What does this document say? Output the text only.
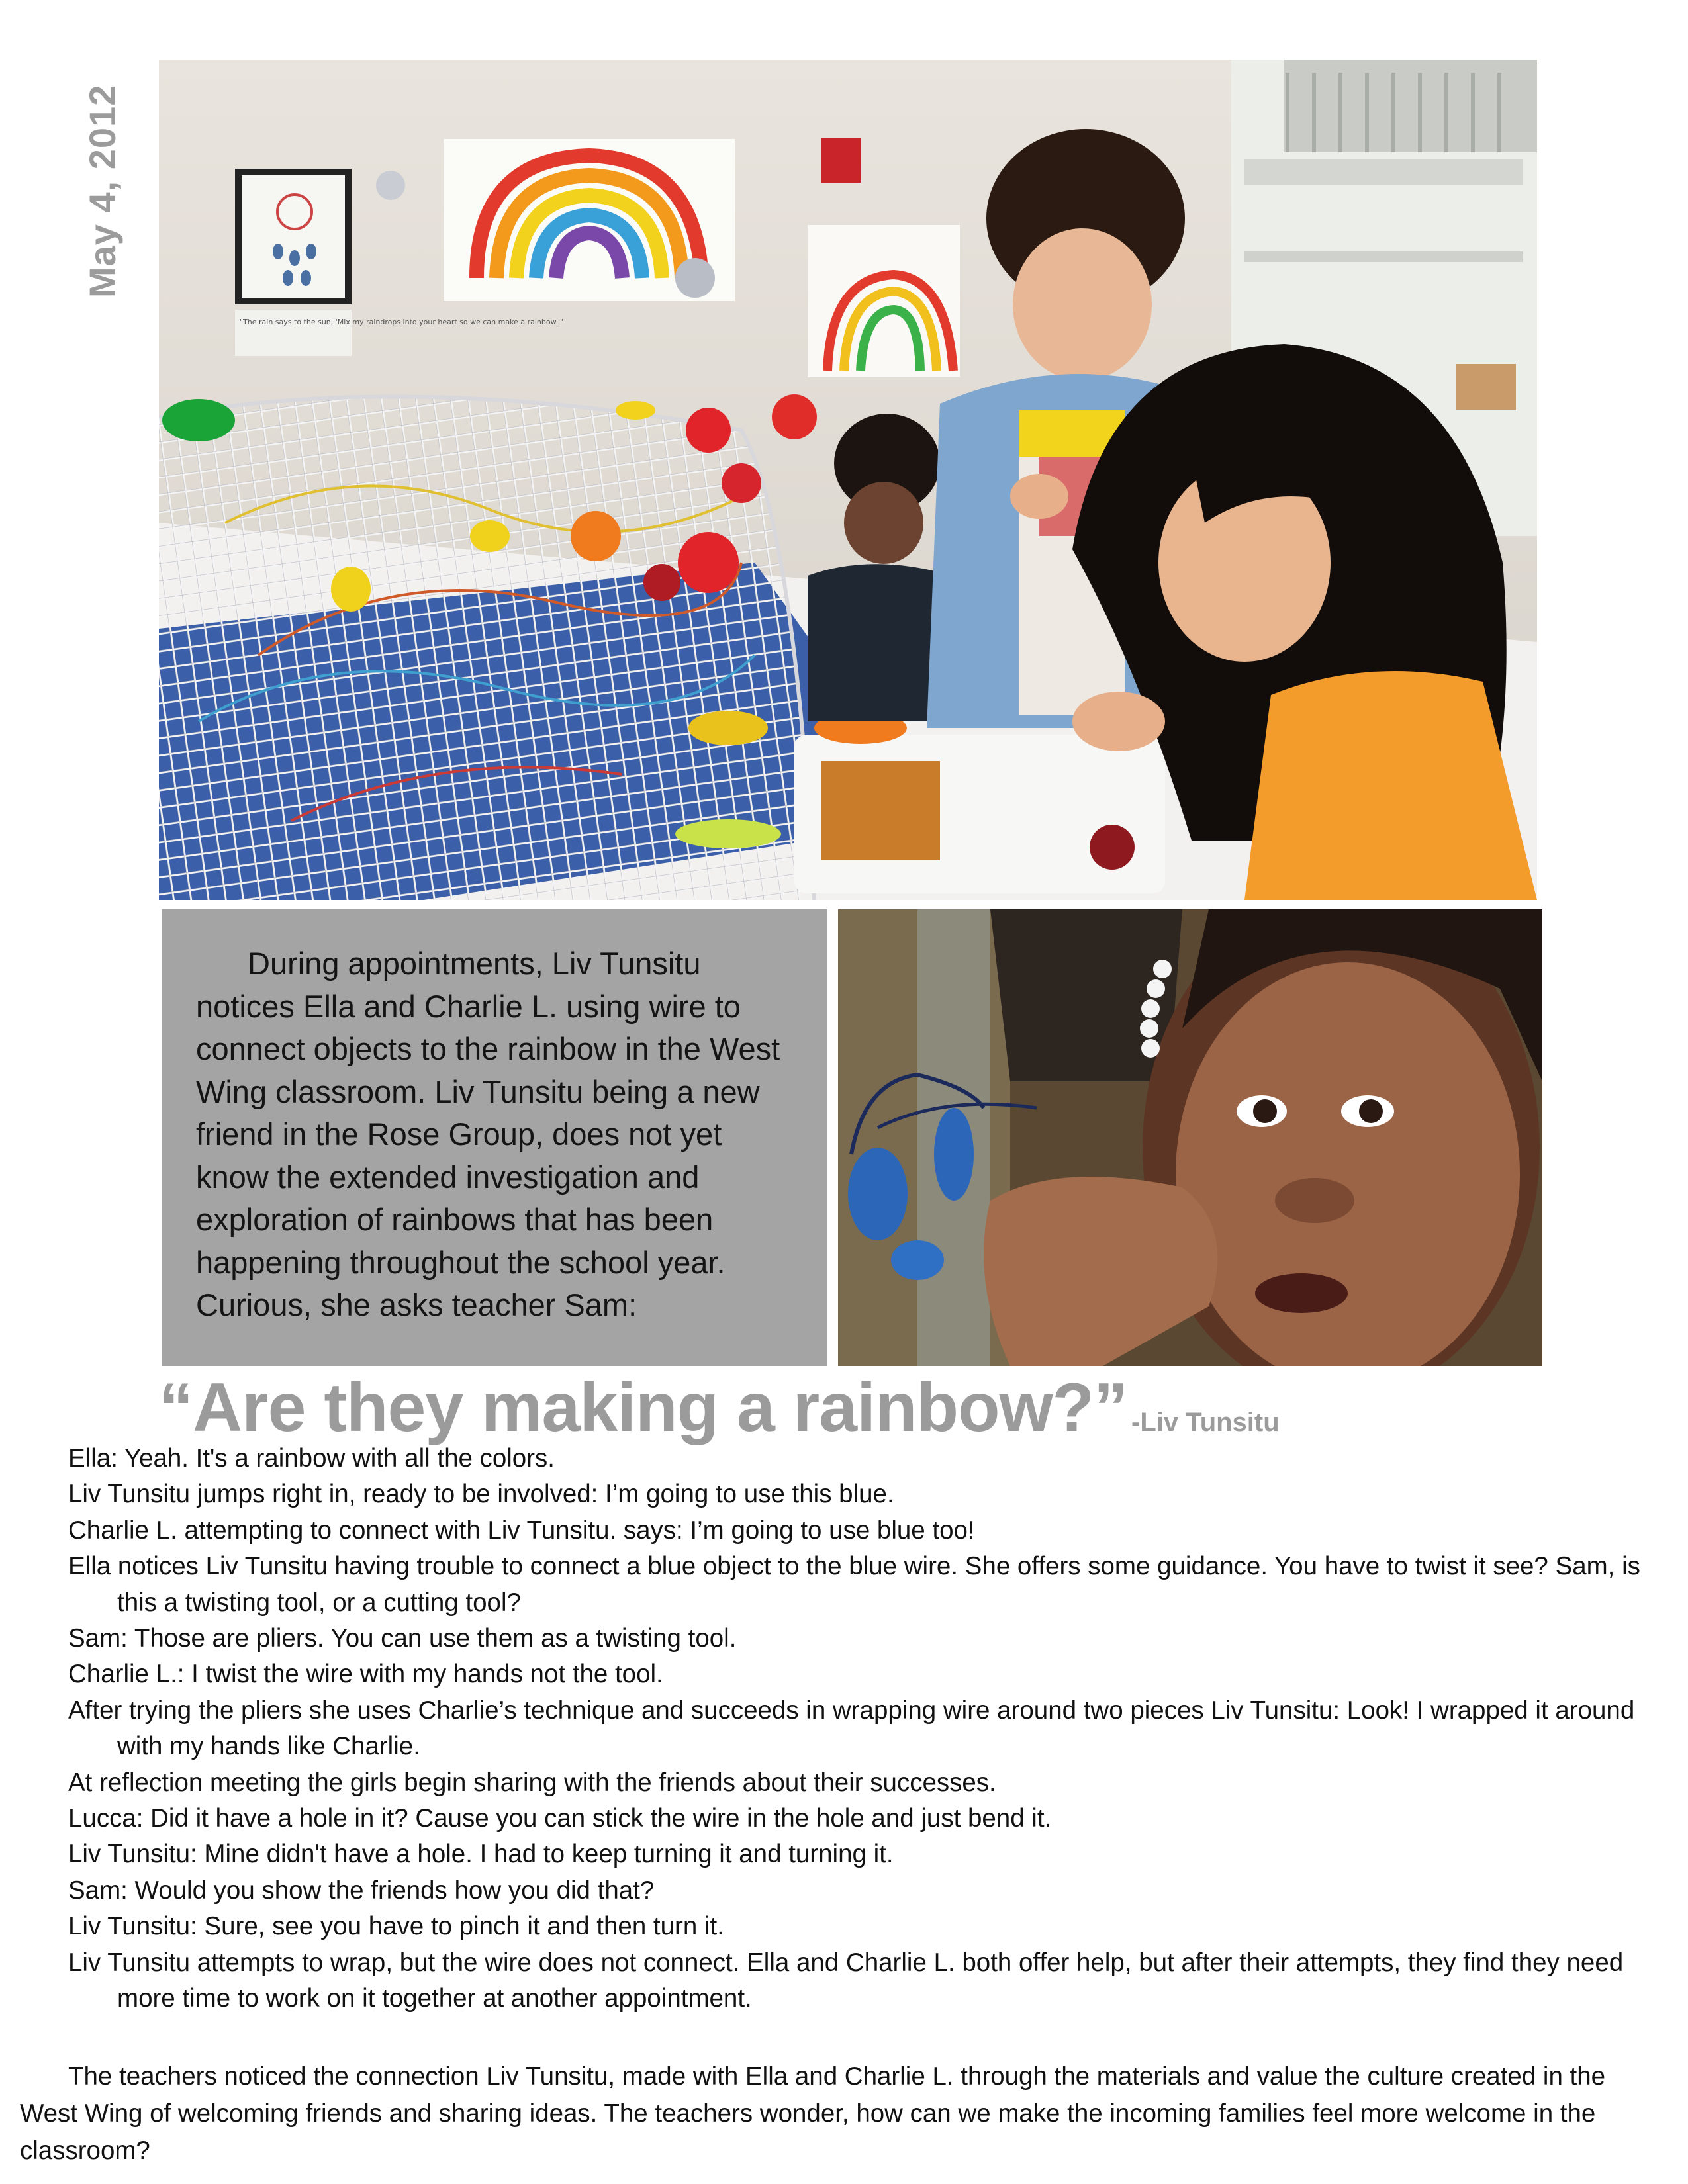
May 4, 2012
"The rain says to the sun, 'Mix my raindrops into your heart so we can make a rainbow.'"

During appointments, Liv Tunsitu notices Ella and Charlie L. using wire to connect objects to the rainbow in the West Wing classroom. Liv Tunsitu being a new friend in the Rose Group, does not yet know the extended investigation and exploration of rainbows that has been happening throughout the school year. Curious, she asks teacher Sam:

“Are they making a rainbow?” -Liv Tunsitu
Ella: Yeah. It's a rainbow with all the colors.
Liv Tunsitu jumps right in, ready to be involved: I’m going to use this blue.
Charlie L. attempting to connect with Liv Tunsitu. says: I’m going to use blue too!
Ella notices Liv Tunsitu having trouble to connect a blue object to the blue wire. She offers some guidance. You have to twist it see? Sam, is this a twisting tool, or a cutting tool?
Sam: Those are pliers. You can use them as a twisting tool.
Charlie L.: I twist the wire with my hands not the tool.
After trying the pliers she uses Charlie’s technique and succeeds in wrapping wire around two pieces Liv Tunsitu: Look! I wrapped it around with my hands like Charlie.
At reflection meeting the girls begin sharing with the friends about their successes.
Lucca: Did it have a hole in it? Cause you can stick the wire in the hole and just bend it.
Liv Tunsitu: Mine didn't have a hole. I had to keep turning it and turning it.
Sam: Would you show the friends how you did that?
Liv Tunsitu: Sure, see you have to pinch it and then turn it.
Liv Tunsitu attempts to wrap, but the wire does not connect. Ella and Charlie L. both offer help, but after their attempts, they find they need more time to work on it together at another appointment.

The teachers noticed the connection Liv Tunsitu, made with Ella and Charlie L. through the materials and value the culture created in the West Wing of welcoming friends and sharing ideas. The teachers wonder, how can we make the incoming families feel more welcome in the classroom?
